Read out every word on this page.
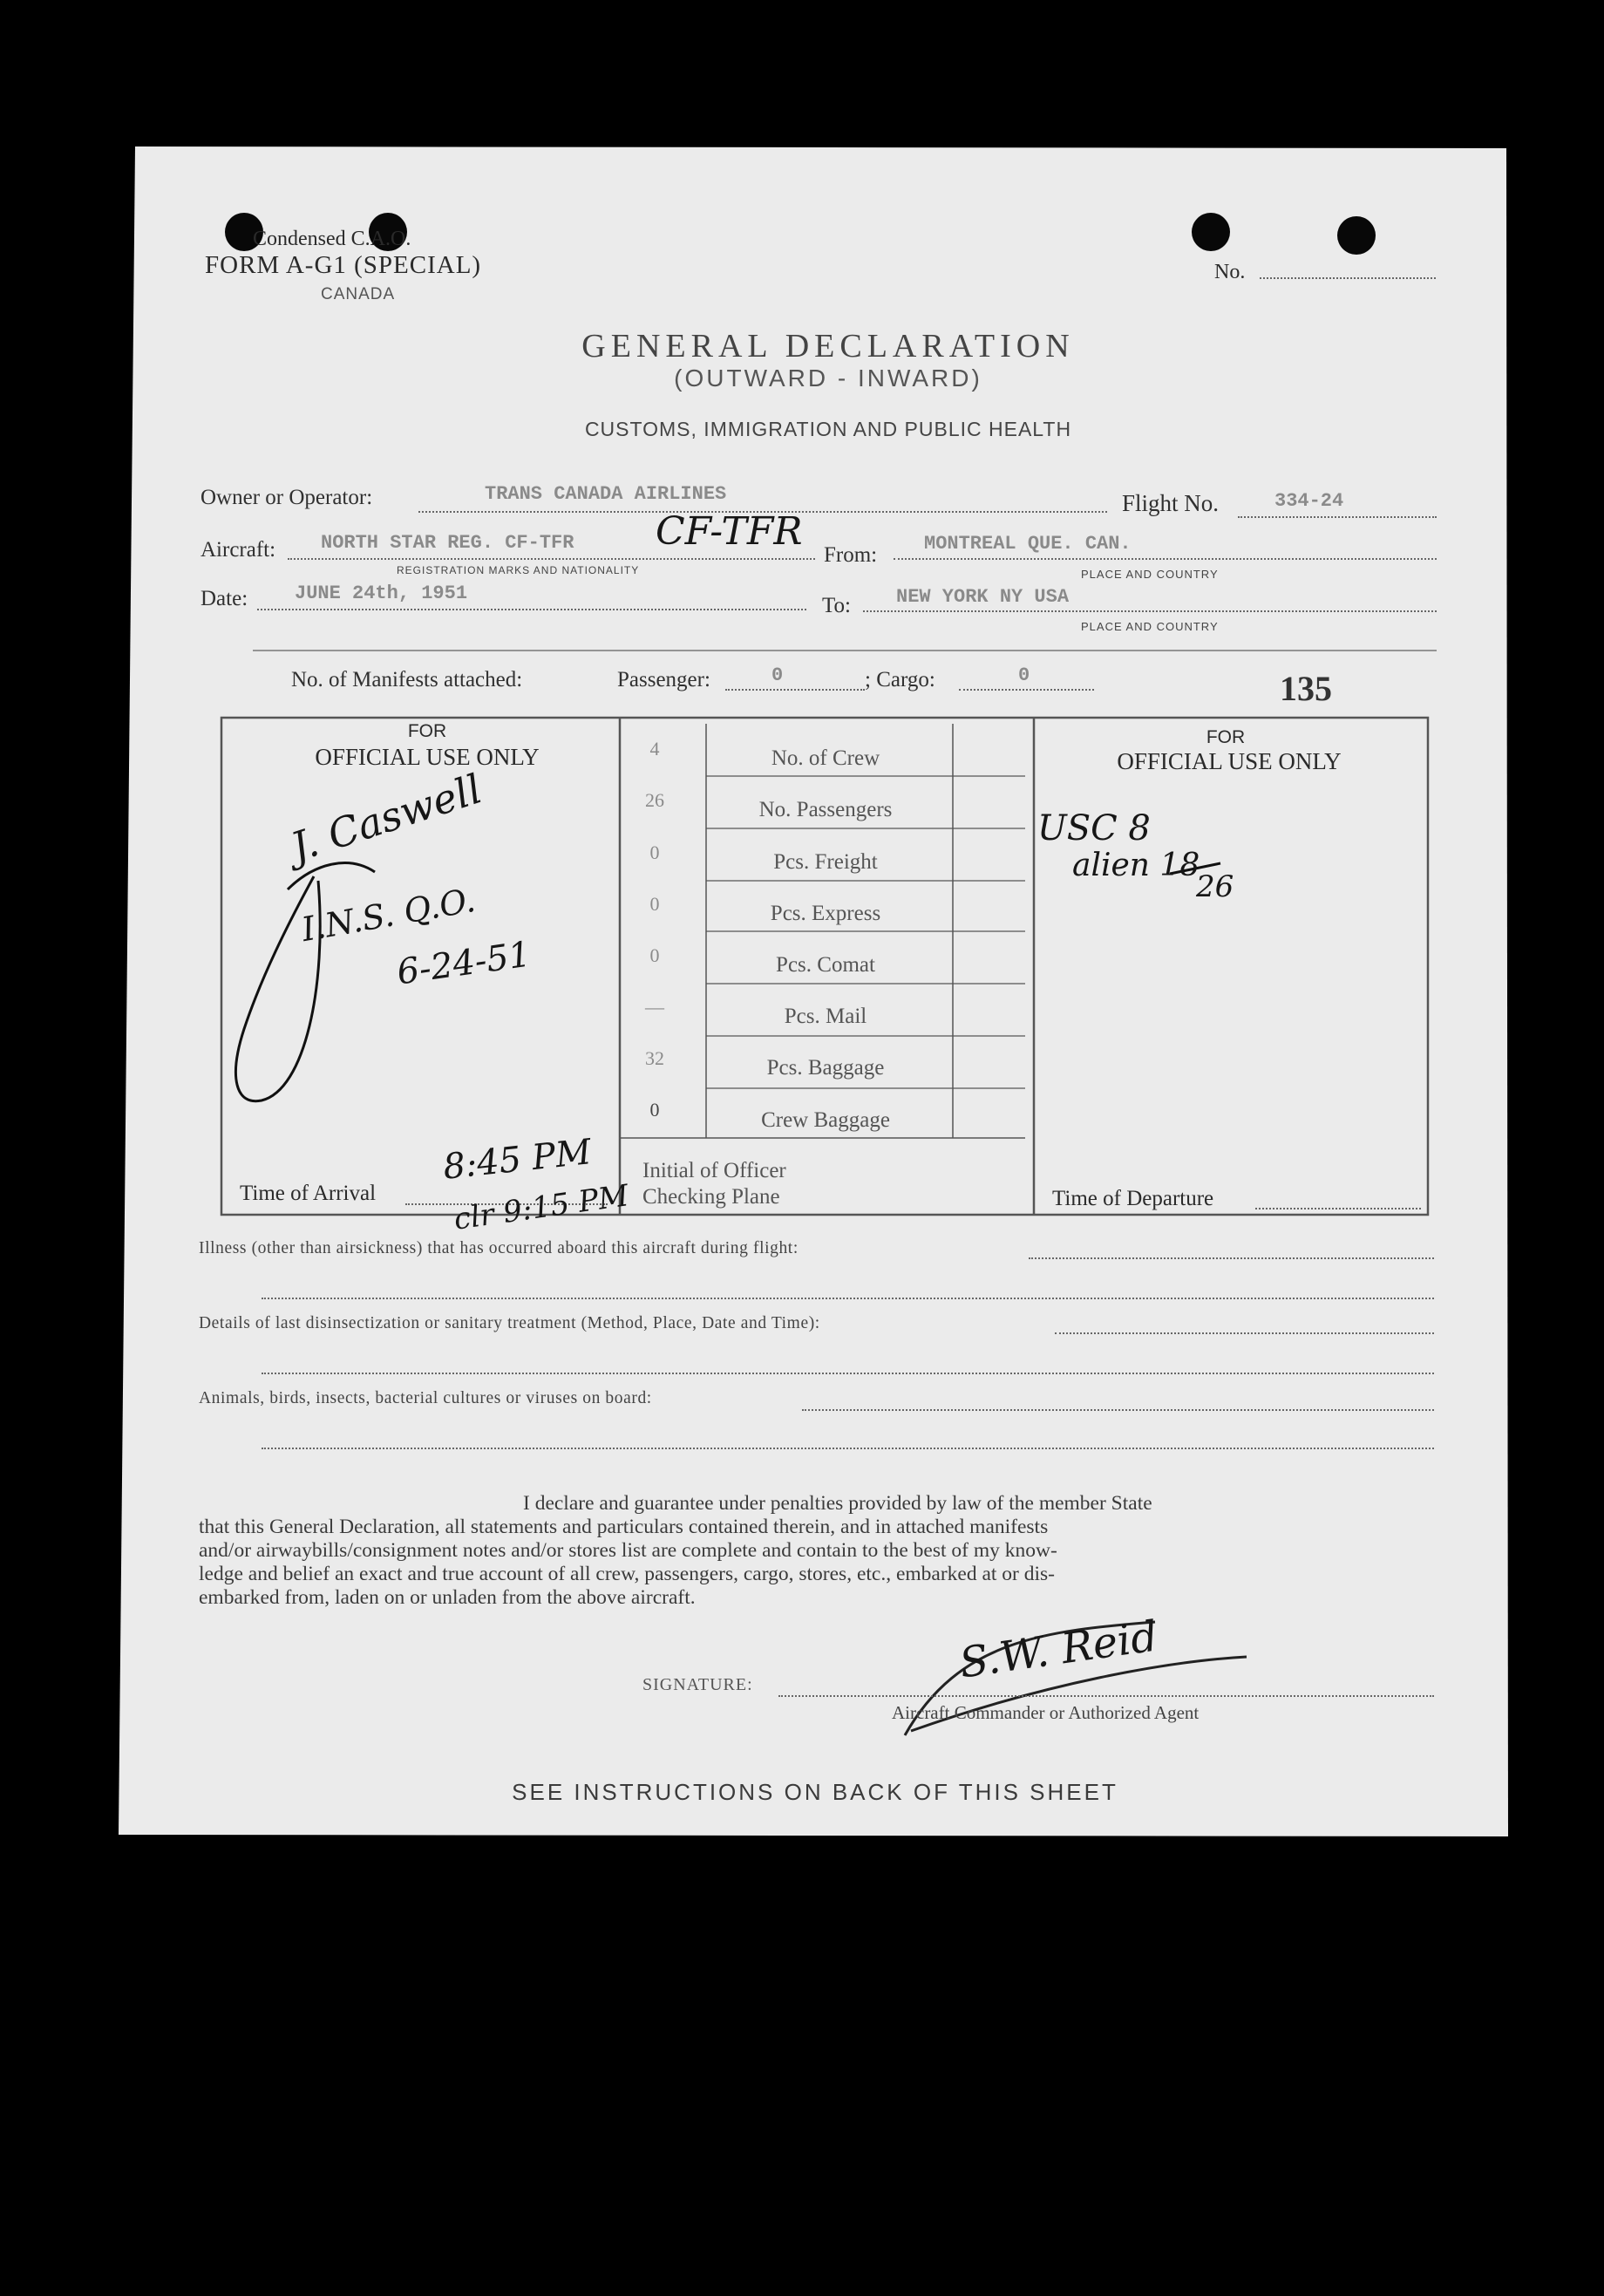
Condensed C.A.O.
FORM A-G1 (SPECIAL)
CANADA
No.
GENERAL DECLARATION
(OUTWARD - INWARD)
CUSTOMS, IMMIGRATION AND PUBLIC HEALTH
Owner or Operator:	TRANS CANADA AIRLINES	Flight No.	334-24
Aircraft: NORTH STAR REG. CF-TFR CF-TFR
REGISTRATION MARKS AND NATIONALITY
From: MONTREAL QUE. CAN.
PLACE AND COUNTRY
Date: JUNE 24th, 1951
To: NEW YORK NY USA
PLACE AND COUNTRY
No. of Manifests attached:	Passenger:	0	; Cargo:	0	135
FOR
OFFICIAL USE ONLY
FOR
OFFICIAL USE ONLY
4	No. of Crew
26	No. Passengers
0	Pcs. Freight
0	Pcs. Express
0	Pcs. Comat
—	Pcs. Mail
32	Pcs. Baggage
0	Crew Baggage
J. Caswell
I.N.S. Q.O.
6-24-51
USC 8
alien 18
26
Time of Arrival
8:45 PM
clr 9:15 PM
Initial of Officer
Checking Plane	Time of Departure
Illness (other than airsickness) that has occurred aboard this aircraft during flight:
Details of last disinsectization or sanitary treatment (Method, Place, Date and Time):
Animals, birds, insects, bacterial cultures or viruses on board:
I declare and guarantee under penalties provided by law of the member State
that this General Declaration, all statements and particulars contained therein, and in attached manifests
and/or airwaybills/consignment notes and/or stores list are complete and contain to the best of my know-
ledge and belief an exact and true account of all crew, passengers, cargo, stores, etc., embarked at or dis-
embarked from, laden on or unladen from the above aircraft.
SIGNATURE:	S.W. Reid
Aircraft Commander or Authorized Agent
SEE INSTRUCTIONS ON BACK OF THIS SHEET
